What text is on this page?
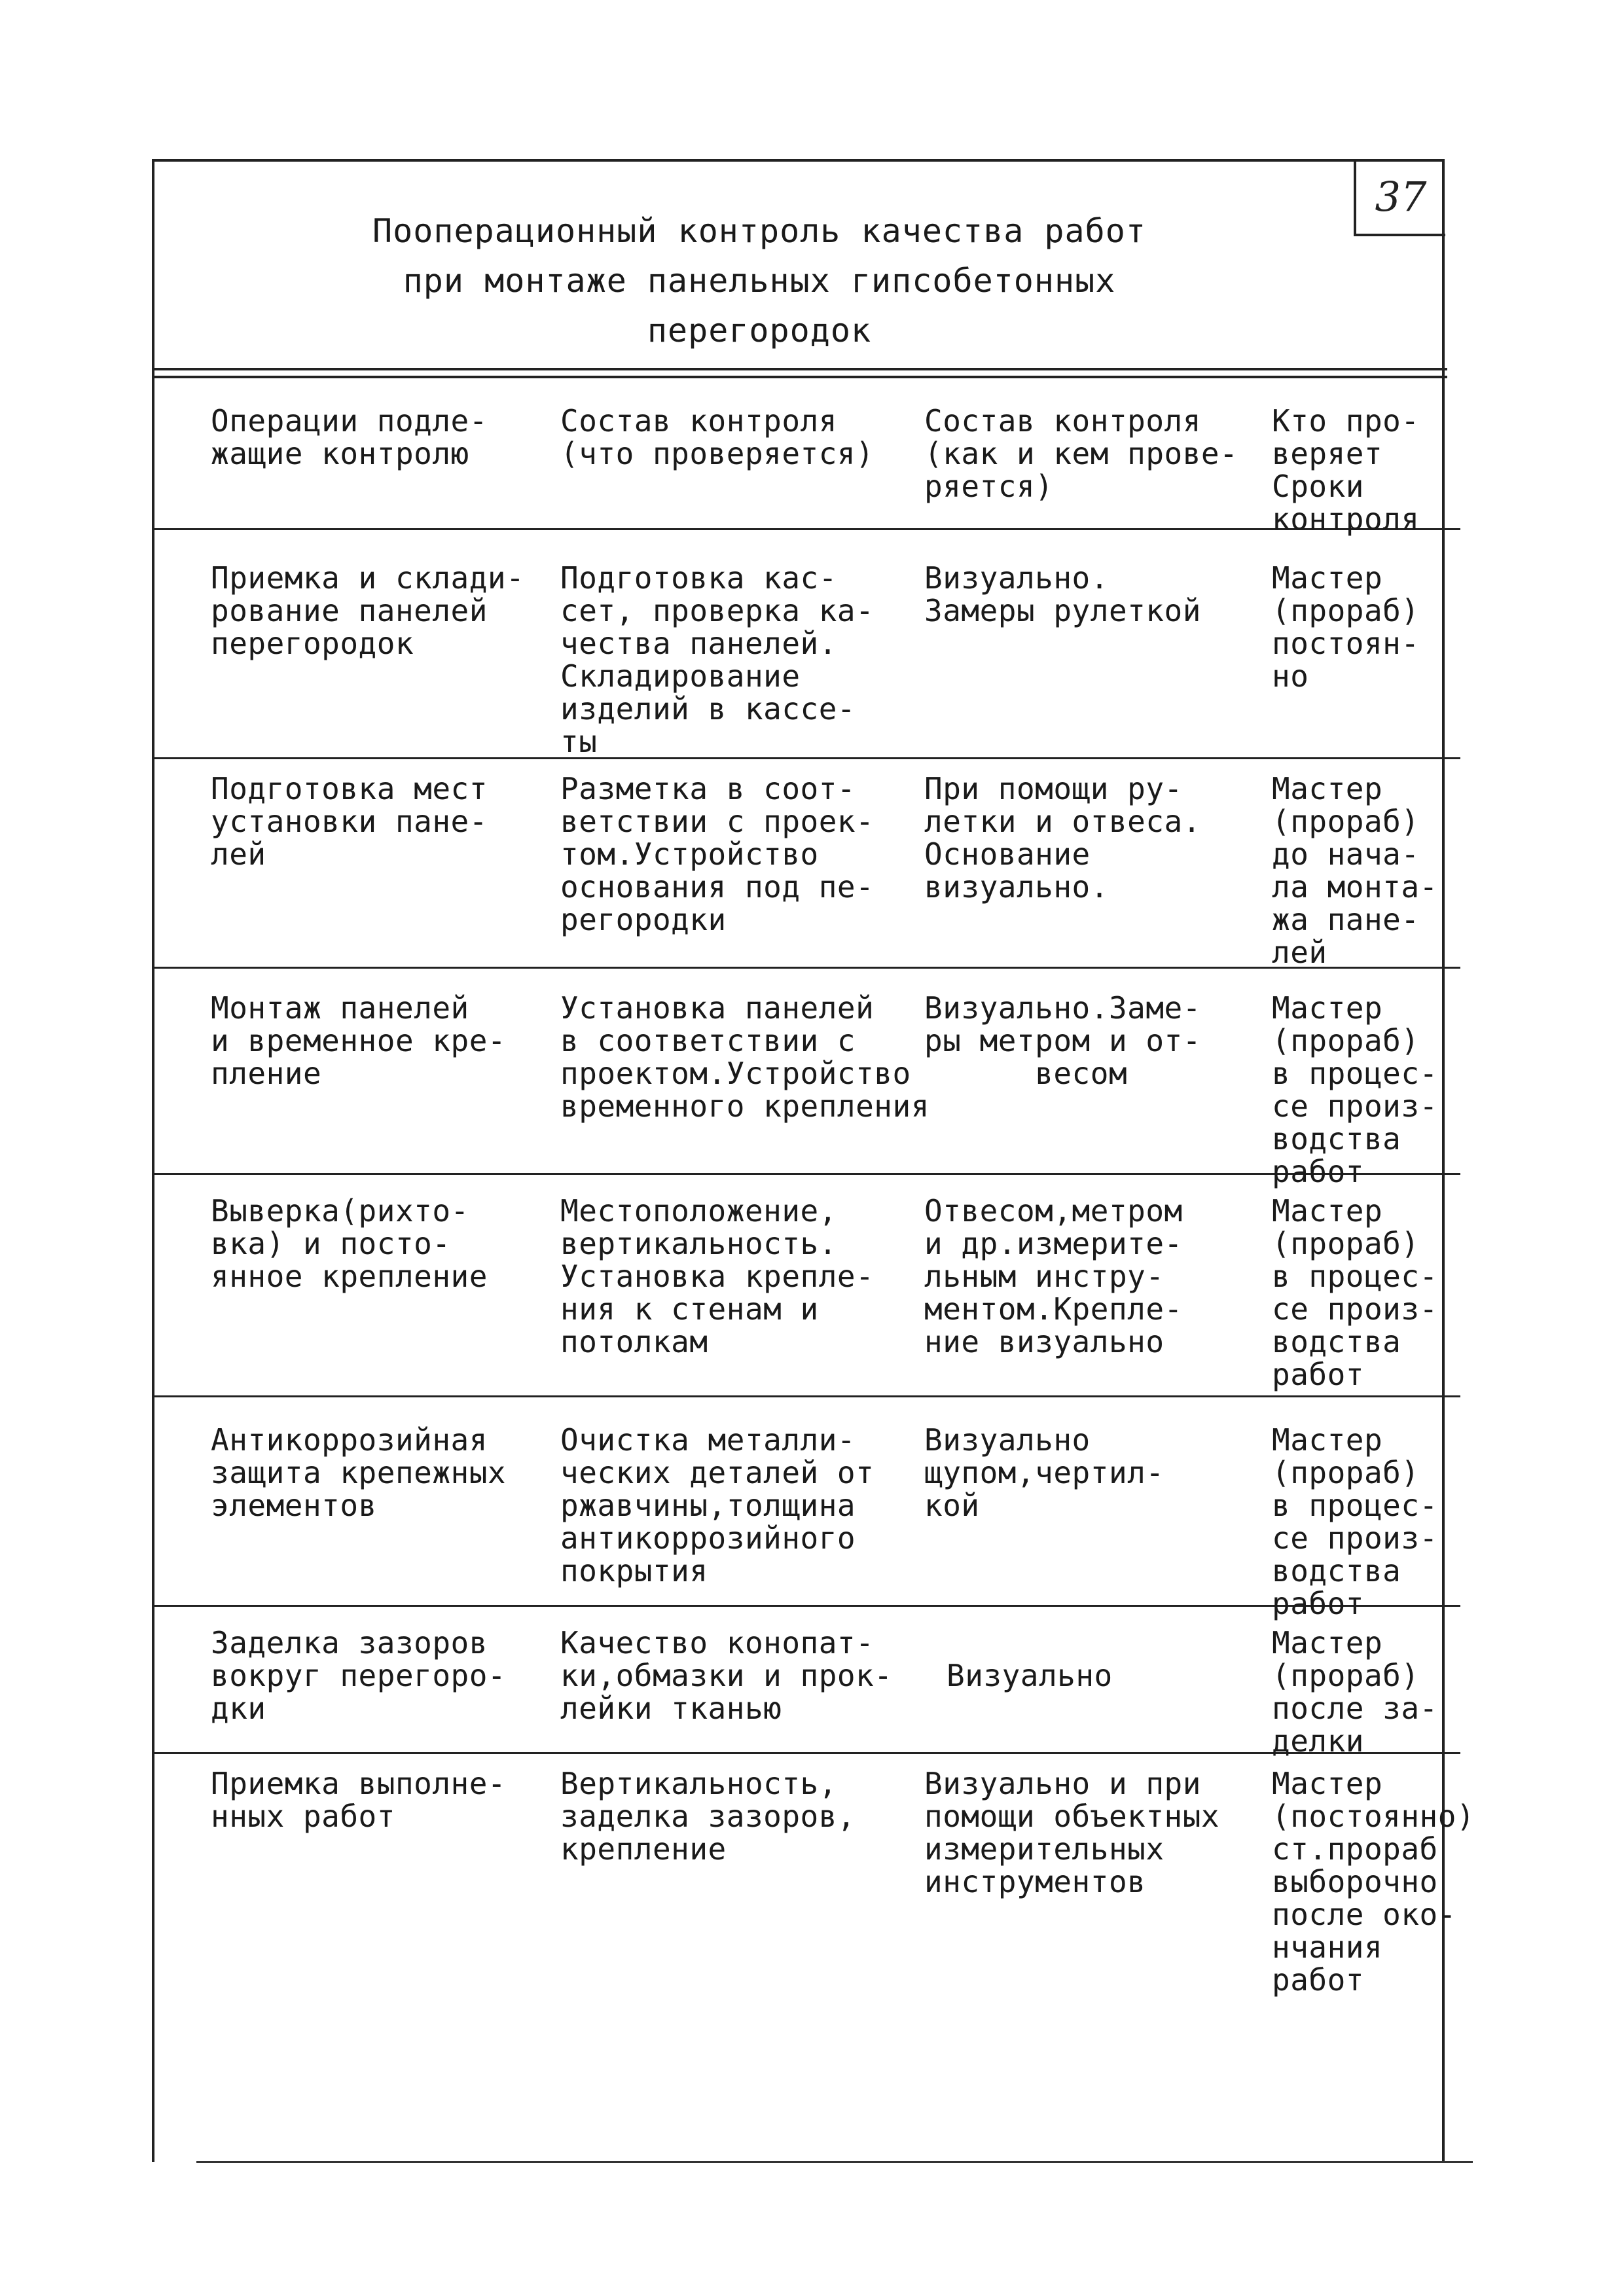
37
Пооперационный контроль качества работ
при монтаже панельных гипсобетонных
перегородок
Операции подле-
жащие контролю
Состав контроля
(что проверяется)
Состав контроля
(как и кем прове-
ряется)
Кто про-
веряет
Сроки
контроля
Приемка и склади-
рование панелей
перегородок
Подготовка кас-
сет, проверка ка-
чества панелей.
Складирование
изделий в кассе-
ты
Визуально.
Замеры рулеткой
Мастер
(прораб)
постоян-
но
Подготовка мест
установки пане-
лей
Разметка в соот-
ветствии с проек-
том.Устройство
основания под пе-
регородки
При помощи ру-
летки и отвеса.
Основание
визуально.
Мастер
(прораб)
до нача-
ла монта-
жа пане-
лей
Монтаж панелей
и временное кре-
пление
Установка панелей
в соответствии с
проектом.Устройство
временного крепления
Визуально.Заме-
ры метром и от-
весом
Мастер
(прораб)
в процес-
се произ-
водства
работ
Выверка(рихто-
вка) и посто-
янное крепление
Местоположение,
вертикальность.
Установка крепле-
ния к стенам и
потолкам
Отвесом,метром
и др.измерите-
льным инстру-
ментом.Крепле-
ние визуально
Мастер
(прораб)
в процес-
се произ-
водства
работ
Антикоррозийная
защита крепежных
элементов
Очистка металли-
ческих деталей от
ржавчины,толщина
антикоррозийного
покрытия
Визуально
щупом,чертил-
кой
Мастер
(прораб)
в процес-
се произ-
водства
работ
Заделка зазоров
вокруг перегоро-
дки
Качество конопат-
ки,обмазки и прок-
лейки тканью

Визуально
Мастер
(прораб)
после за-
делки
Приемка выполне-
нных работ
Вертикальность,
заделка зазоров,
крепление
Визуально и при
помощи объектных
измерительных
инструментов
Мастер
(постоянно)
ст.прораб
выборочно
после око-
нчания
работ
